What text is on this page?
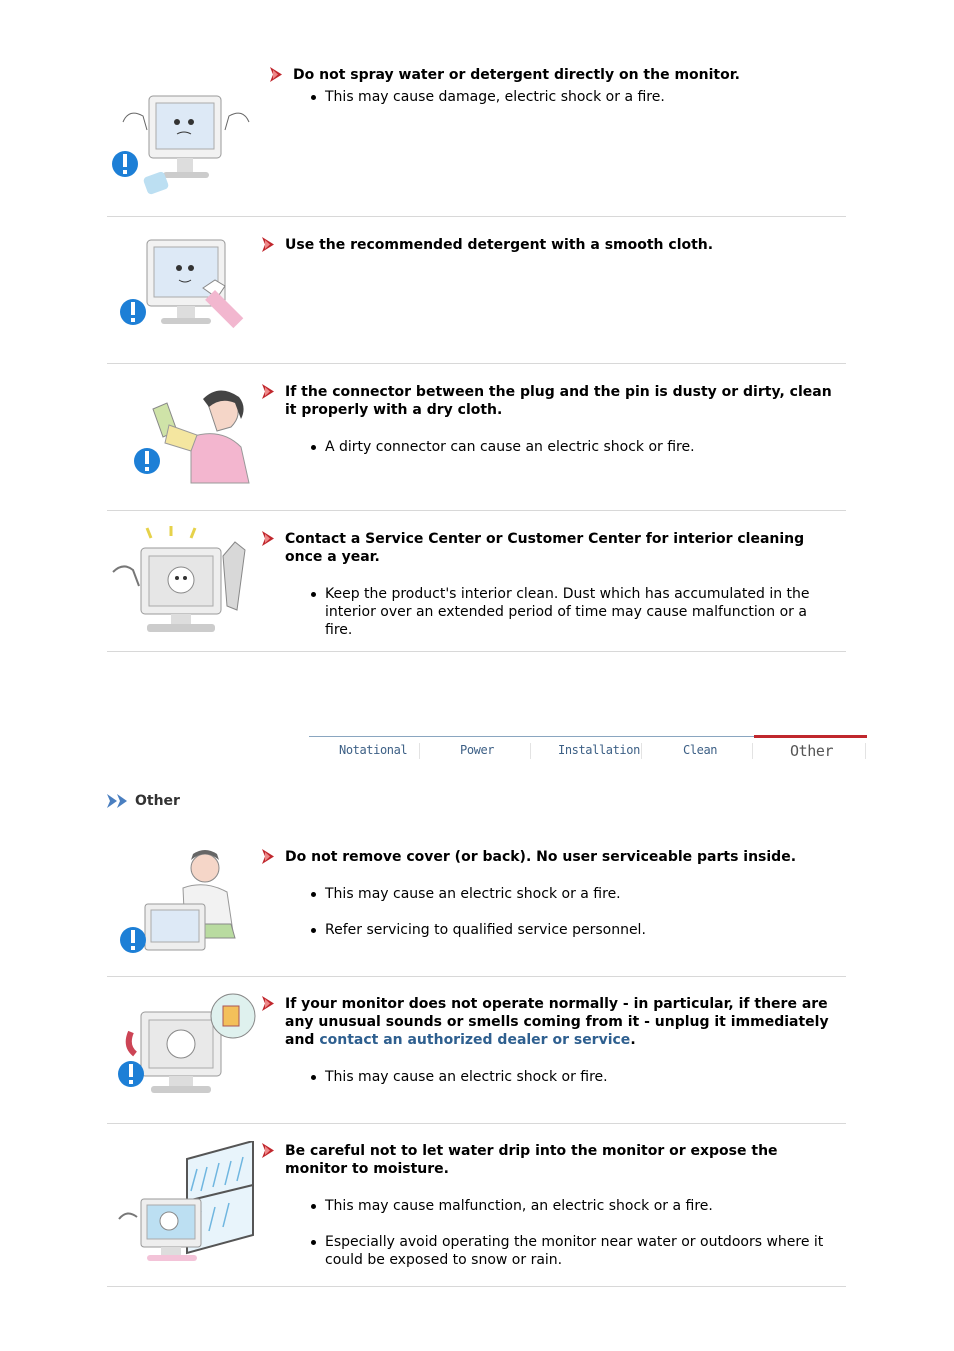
Do not spray water or detergent directly on the monitor.
This may cause damage, electric shock or a fire.
Use the recommended detergent with a smooth cloth.
If the connector between the plug and the pin is dusty or dirty, clean it properly with a dry cloth.
A dirty connector can cause an electric shock or fire.
Contact a Service Center or Customer Center for interior cleaning once a year.
Keep the product's interior clean. Dust which has accumulated in the interior over an extended period of time may cause malfunction or a fire.
Notational	Power	Installation	Clean	Other
Other
Do not remove cover (or back). No user serviceable parts inside.
This may cause an electric shock or a fire.
Refer servicing to qualified service personnel.
If your monitor does not operate normally - in particular, if there are any unusual sounds or smells coming from it - unplug it immediately and contact an authorized dealer or service.
This may cause an electric shock or fire.
Be careful not to let water drip into the monitor or expose the monitor to moisture.
This may cause malfunction, an electric shock or a fire.
Especially avoid operating the monitor near water or outdoors where it could be exposed to snow or rain.
